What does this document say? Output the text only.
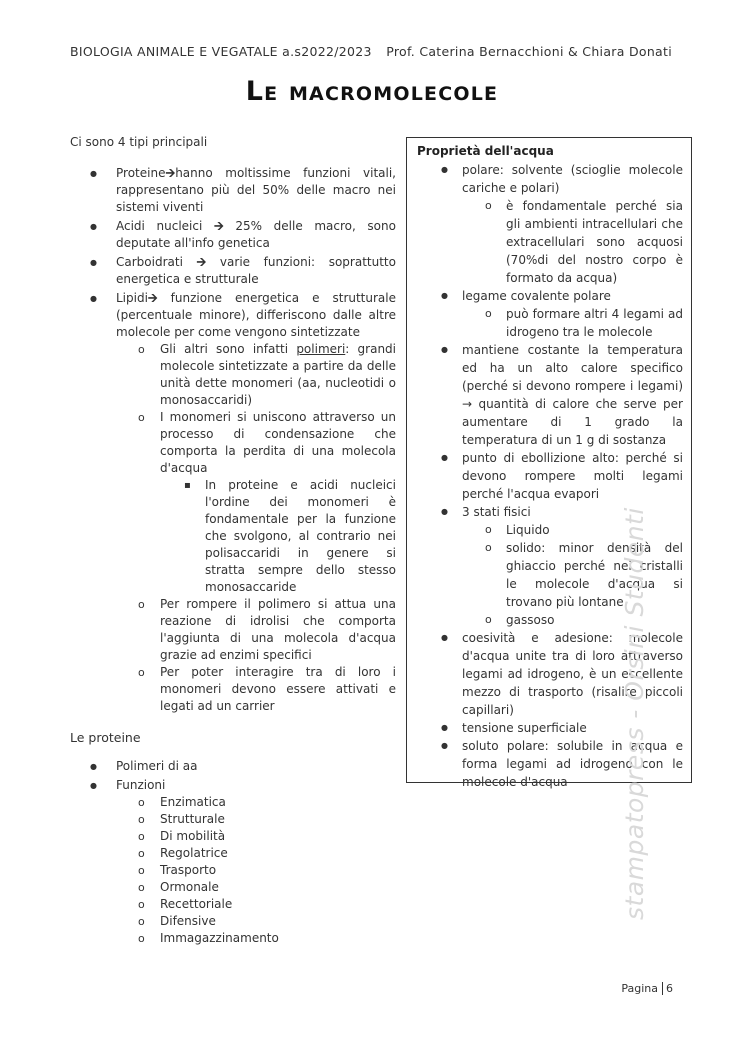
BIOLOGIA ANIMALE E VEGATALE a.s2022/2023 Prof. Caterina Bernacchioni & Chiara Donati
Le macromolecole

Ci sono 4 tipi principali

● Proteine🡪hanno moltissime funzioni vitali, rappresentano più del 50% delle macro nei sistemi viventi
● Acidi nucleici 🡪 25% delle macro, sono deputate all'info genetica
● Carboidrati 🡪 varie funzioni: soprattutto energetica e strutturale
● Lipidi🡪 funzione energetica e strutturale (percentuale minore), differiscono dalle altre molecole per come vengono sintetizzate
o Gli altri sono infatti polimeri: grandi molecole sintetizzate a partire da delle unità dette monomeri (aa, nucleotidi o monosaccaridi)
o I monomeri si uniscono attraverso un processo di condensazione che comporta la perdita di una molecola d'acqua
▪ In proteine e acidi nucleici l'ordine dei monomeri è fondamentale per la funzione che svolgono, al contrario nei polisaccaridi in genere si stratta sempre dello stesso monosaccaride
o Per rompere il polimero si attua una reazione di idrolisi che comporta l'aggiunta di una molecola d'acqua grazie ad enzimi specifici
o Per poter interagire tra di loro i monomeri devono essere attivati e legati ad un carrier

Le proteine

● Polimeri di aa
● Funzioni
o Enzimatica
o Strutturale
o Di mobilità
o Regolatrice
o Trasporto
o Ormonale
o Recettoriale
o Difensive
o Immagazzinamento
Proprietà dell'acqua
● polare: solvente (scioglie molecole cariche e polari)
o è fondamentale perché sia gli ambienti intracellulari che extracellulari sono acquosi (70%di del nostro corpo è formato da acqua)
● legame covalente polare
o può formare altri 4 legami ad idrogeno tra le molecole
● mantiene costante la temperatura ed ha un alto calore specifico (perché si devono rompere i legami) → quantità di calore che serve per aumentare di 1 grado la temperatura di un 1 g di sostanza
● punto di ebollizione alto: perché si devono rompere molti legami perché l'acqua evapori
● 3 stati fisici
o Liquido
o solido: minor densità del ghiaccio perché nei cristalli le molecole d'acqua si trovano più lontane
o gassoso
● coesività e adesione: molecole d'acqua unite tra di loro attraverso legami ad idrogeno, è un eccellente mezzo di trasporto (risalire piccoli capillari)
● tensione superficiale
● soluto polare: solubile in acqua e forma legami ad idrogeno con le molecole d'acqua	stampatopress - Orsini Studenti
Pagina 6
